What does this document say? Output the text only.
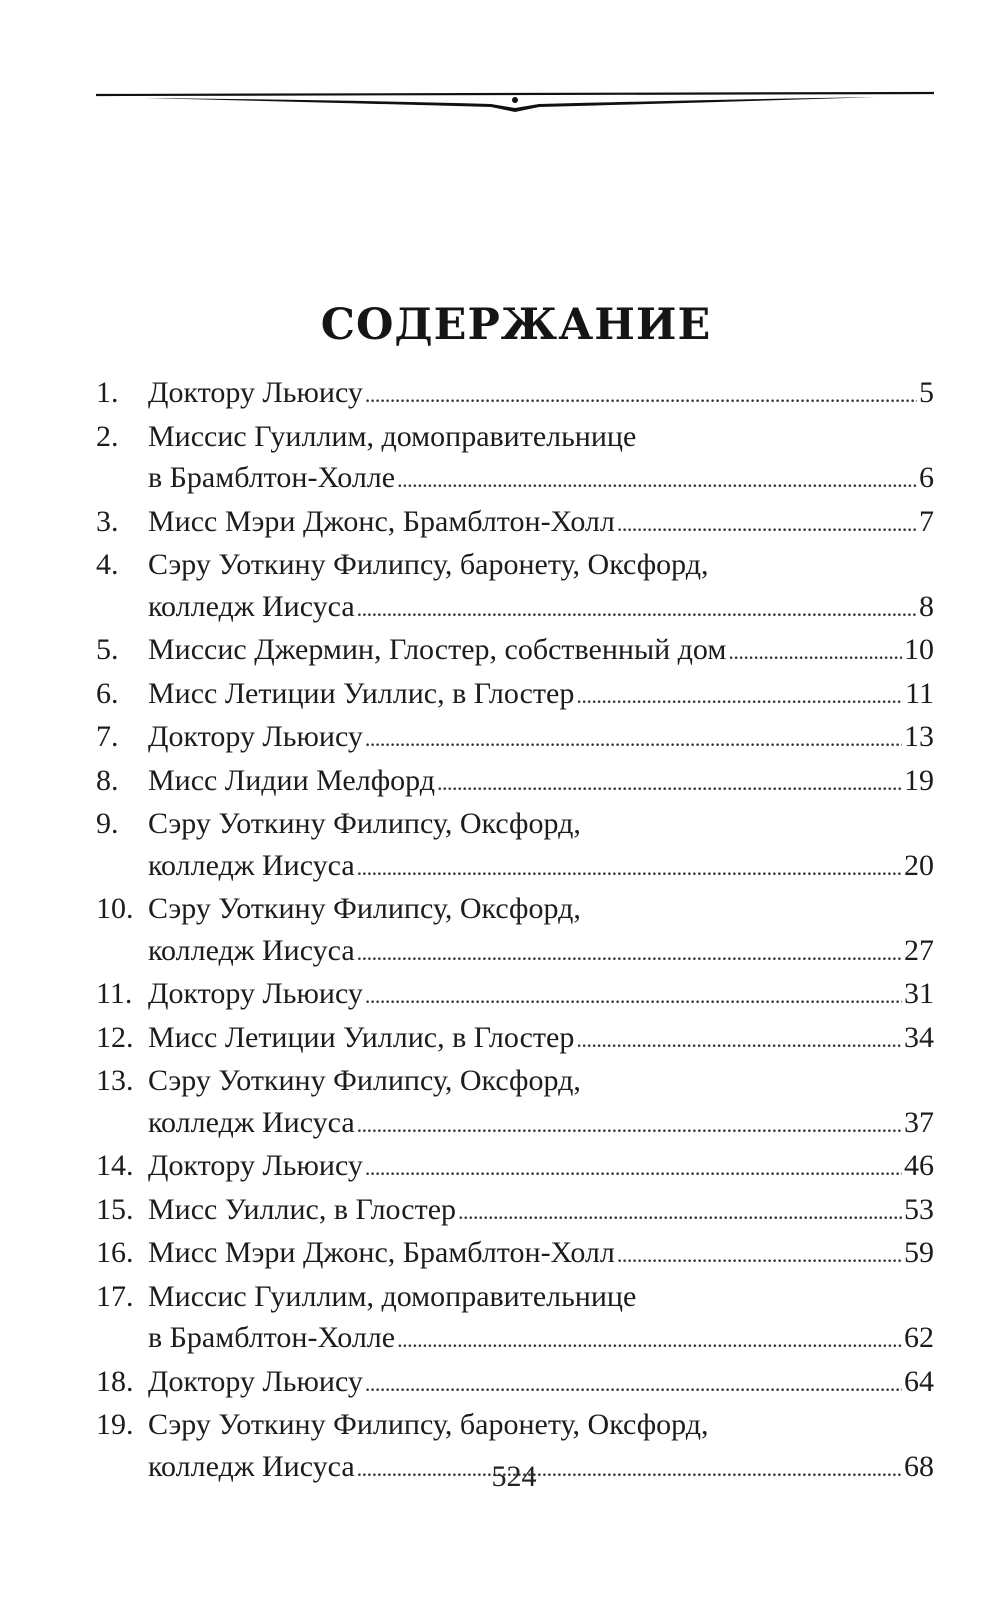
СОДЕРЖАНИЕ
1. Доктору Льюису . . .	5
2. Миссис Гуиллим, домоправительнице
в Брамблтон-Холле . . .	6
3. Мисс Мэри Джонс, Брамблтон-Холл . . .	7
4. Сэру Уоткину Филипсу, баронету, Оксфорд,
колледж Иисуса . . .	8
5. Миссис Джермин, Глостер, собственный дом . . .	10
6. Мисс Летиции Уиллис, в Глостер . . .	11
7. Доктору Льюису . . .	13
8. Мисс Лидии Мелфорд . . .	19
9. Сэру Уоткину Филипсу, Оксфорд,
колледж Иисуса . . .	20
10. Сэру Уоткину Филипсу, Оксфорд,
колледж Иисуса . . .	27
11. Доктору Льюису . . .	31
12. Мисс Летиции Уиллис, в Глостер . . .	34
13. Сэру Уоткину Филипсу, Оксфорд,
колледж Иисуса . . .	37
14. Доктору Льюису . . .	46
15. Мисс Уиллис, в Глостер . . .	53
16. Мисс Мэри Джонс, Брамблтон-Холл . . .	59
17. Миссис Гуиллим, домоправительнице
в Брамблтон-Холле . . .	62
18. Доктору Льюису . . .	64
19. Сэру Уоткину Филипсу, баронету, Оксфорд,
колледж Иисуса . . .	68
524
